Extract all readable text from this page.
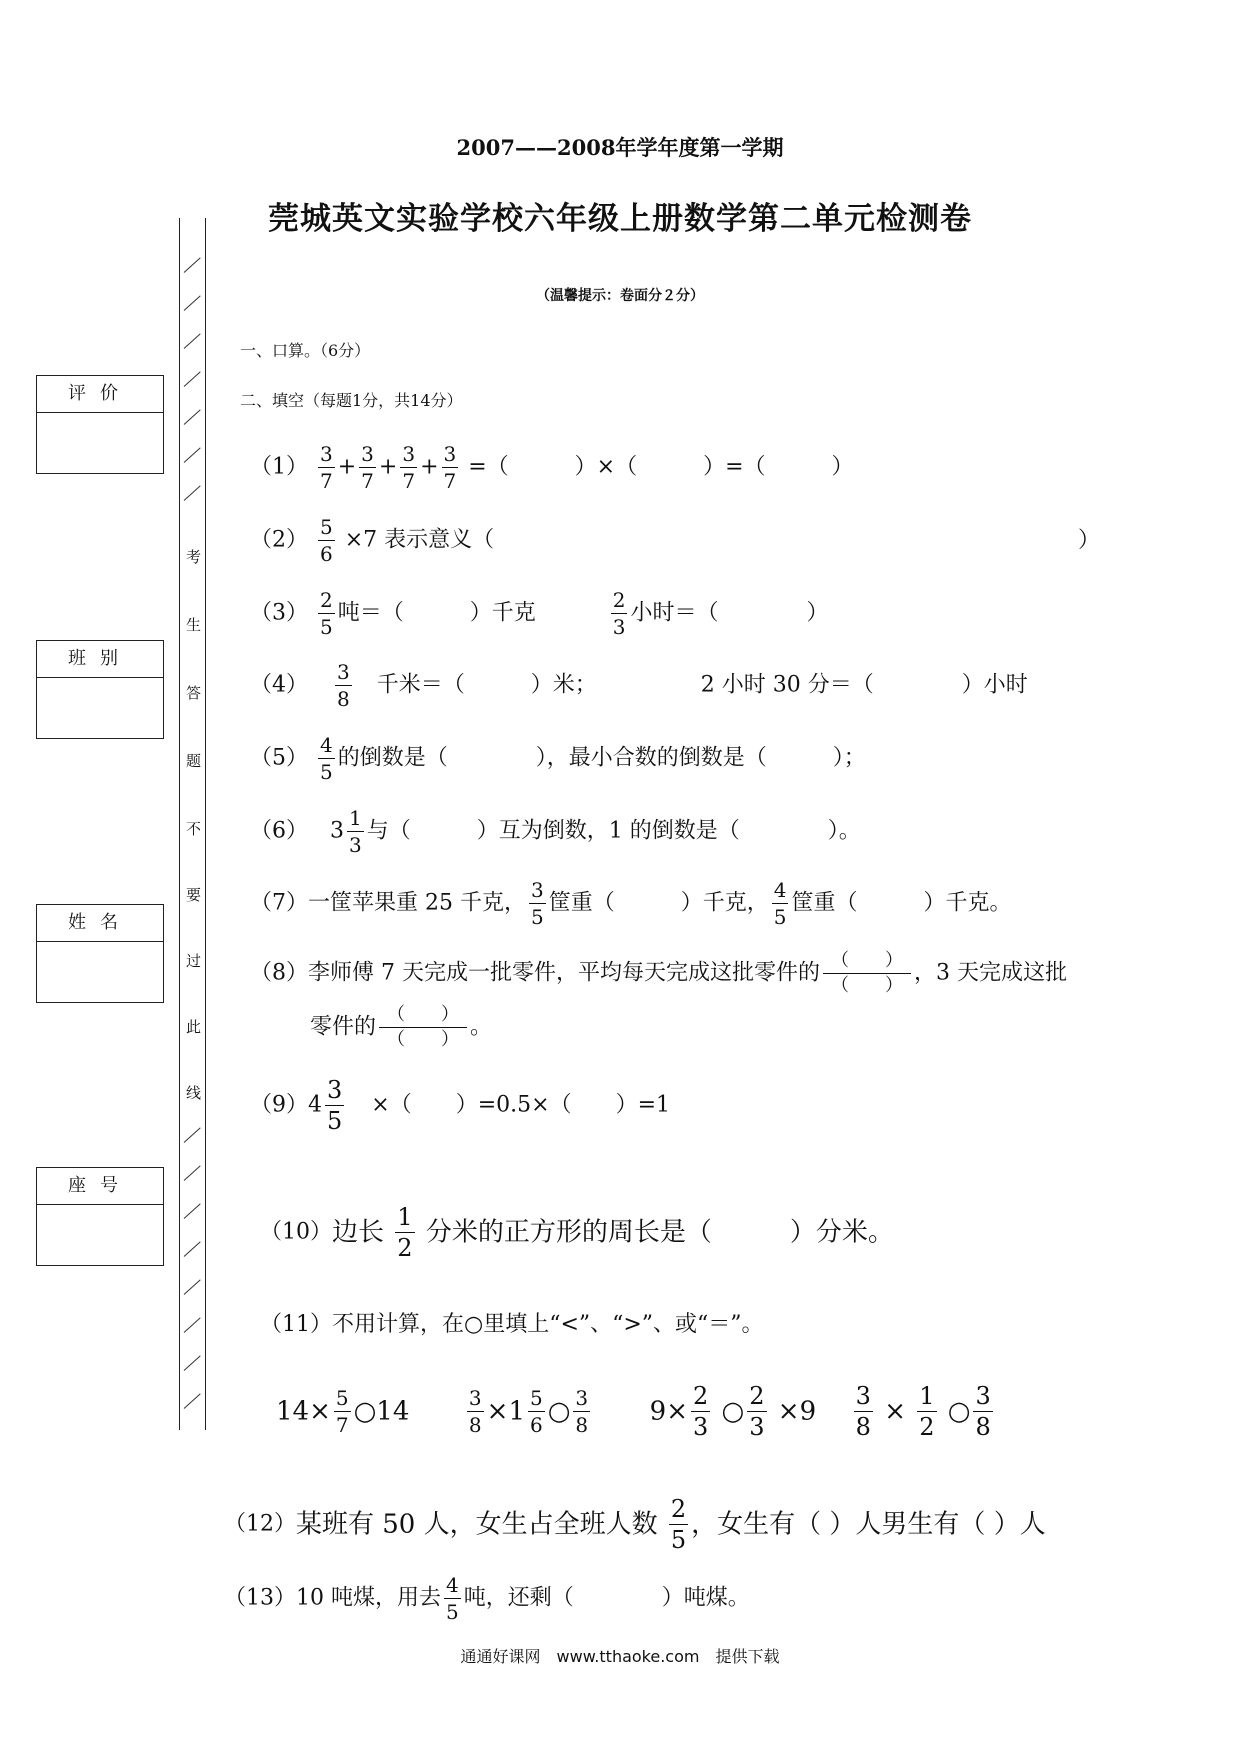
2007——2008年学年度第一学期
莞城英文实验学校六年级上册数学第二单元检测卷
（温馨提示：卷面分２分）
考
生
答
题
不
要
过
此
线
评价
班别
姓名
座号
一、口算。（6分）
二、填空（每题1分，共14分）
$(1) \frac{3}{7} + \frac{3}{7} + \frac{3}{7} + \frac{3}{7}$ =（　　　）×（　　　）=（　　　）
$(2) \frac{5}{6} \times 7$ 表示意义（	）
$(3) \frac{2}{5}$ 吨＝（　　　）千克	$\frac{2}{3}$ 小时＝（　　　　）
$(4) \frac{3}{8}$ 千米＝（　　　）米；	2 小时 30 分＝（　　　　）小时
$(5) \frac{4}{5}$ 的倒数是（　　　　），最小合数的倒数是（　　　）；
（6） $3 \frac{1}{3}$ 与（　　　）互为倒数，1 的倒数是（　　　　）。
（7）一筐苹果重 25 千克， $\frac{3}{5}$ 筐重（　　　）千克， $\frac{4}{5}$ 筐重（　　　）千克。
（8）李师傅 7 天完成一批零件，平均每天完成这批零件的 $\frac{( )}{( )}$ ，3 天完成这批
零件的 $\frac{( )}{( )}$ 。
$(9)4 \frac{3}{5}$ ×（　　）=0.5×（　　）=1
（10）边长 $\frac{1}{2}$ 分米的正方形的周长是（　　　）分米。
（11）不用计算，在○里填上“<”、“>”、或“＝”。
$14\times \frac{5}{7}$ ○14	$\frac{3}{8} \times 1 \frac{5}{6}$ ○ $\frac{3}{8} 9\times \frac{2}{3}$ ○ $\frac{2}{3} \times 9 \frac{3}{8} \times \frac{1}{2}$ ○ $\frac{3}{8}$
（12）某班有 50 人，女生占全班人数 $\frac{2}{5}$ ，女生有（ ）人男生有（ ）人
（13）10 吨煤，用去 $\frac{4}{5}$ 吨，还剩（　　　　）吨煤。
通通好课网　www.tthaoke.com　提供下载
